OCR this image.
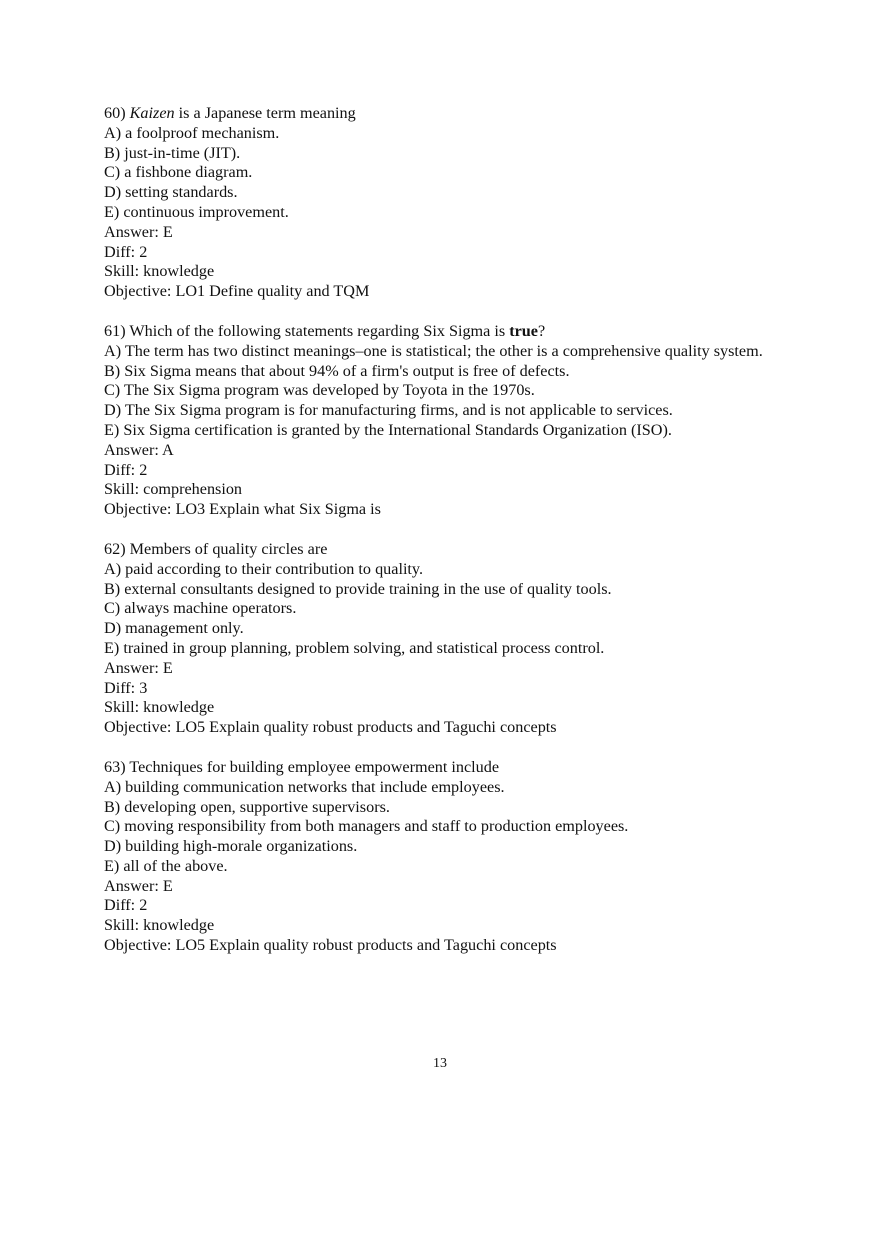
60) Kaizen is a Japanese term meaning
A) a foolproof mechanism.
B) just-in-time (JIT).
C) a fishbone diagram.
D) setting standards.
E) continuous improvement.
Answer: E
Diff: 2
Skill: knowledge
Objective: LO1 Define quality and TQM
61) Which of the following statements regarding Six Sigma is true?
A) The term has two distinct meanings–one is statistical; the other is a comprehensive quality system.
B) Six Sigma means that about 94% of a firm's output is free of defects.
C) The Six Sigma program was developed by Toyota in the 1970s.
D) The Six Sigma program is for manufacturing firms, and is not applicable to services.
E) Six Sigma certification is granted by the International Standards Organization (ISO).
Answer: A
Diff: 2
Skill: comprehension
Objective: LO3 Explain what Six Sigma is
62) Members of quality circles are
A) paid according to their contribution to quality.
B) external consultants designed to provide training in the use of quality tools.
C) always machine operators.
D) management only.
E) trained in group planning, problem solving, and statistical process control.
Answer: E
Diff: 3
Skill: knowledge
Objective: LO5 Explain quality robust products and Taguchi concepts
63) Techniques for building employee empowerment include
A) building communication networks that include employees.
B) developing open, supportive supervisors.
C) moving responsibility from both managers and staff to production employees.
D) building high-morale organizations.
E) all of the above.
Answer: E
Diff: 2
Skill: knowledge
Objective: LO5 Explain quality robust products and Taguchi concepts
13
